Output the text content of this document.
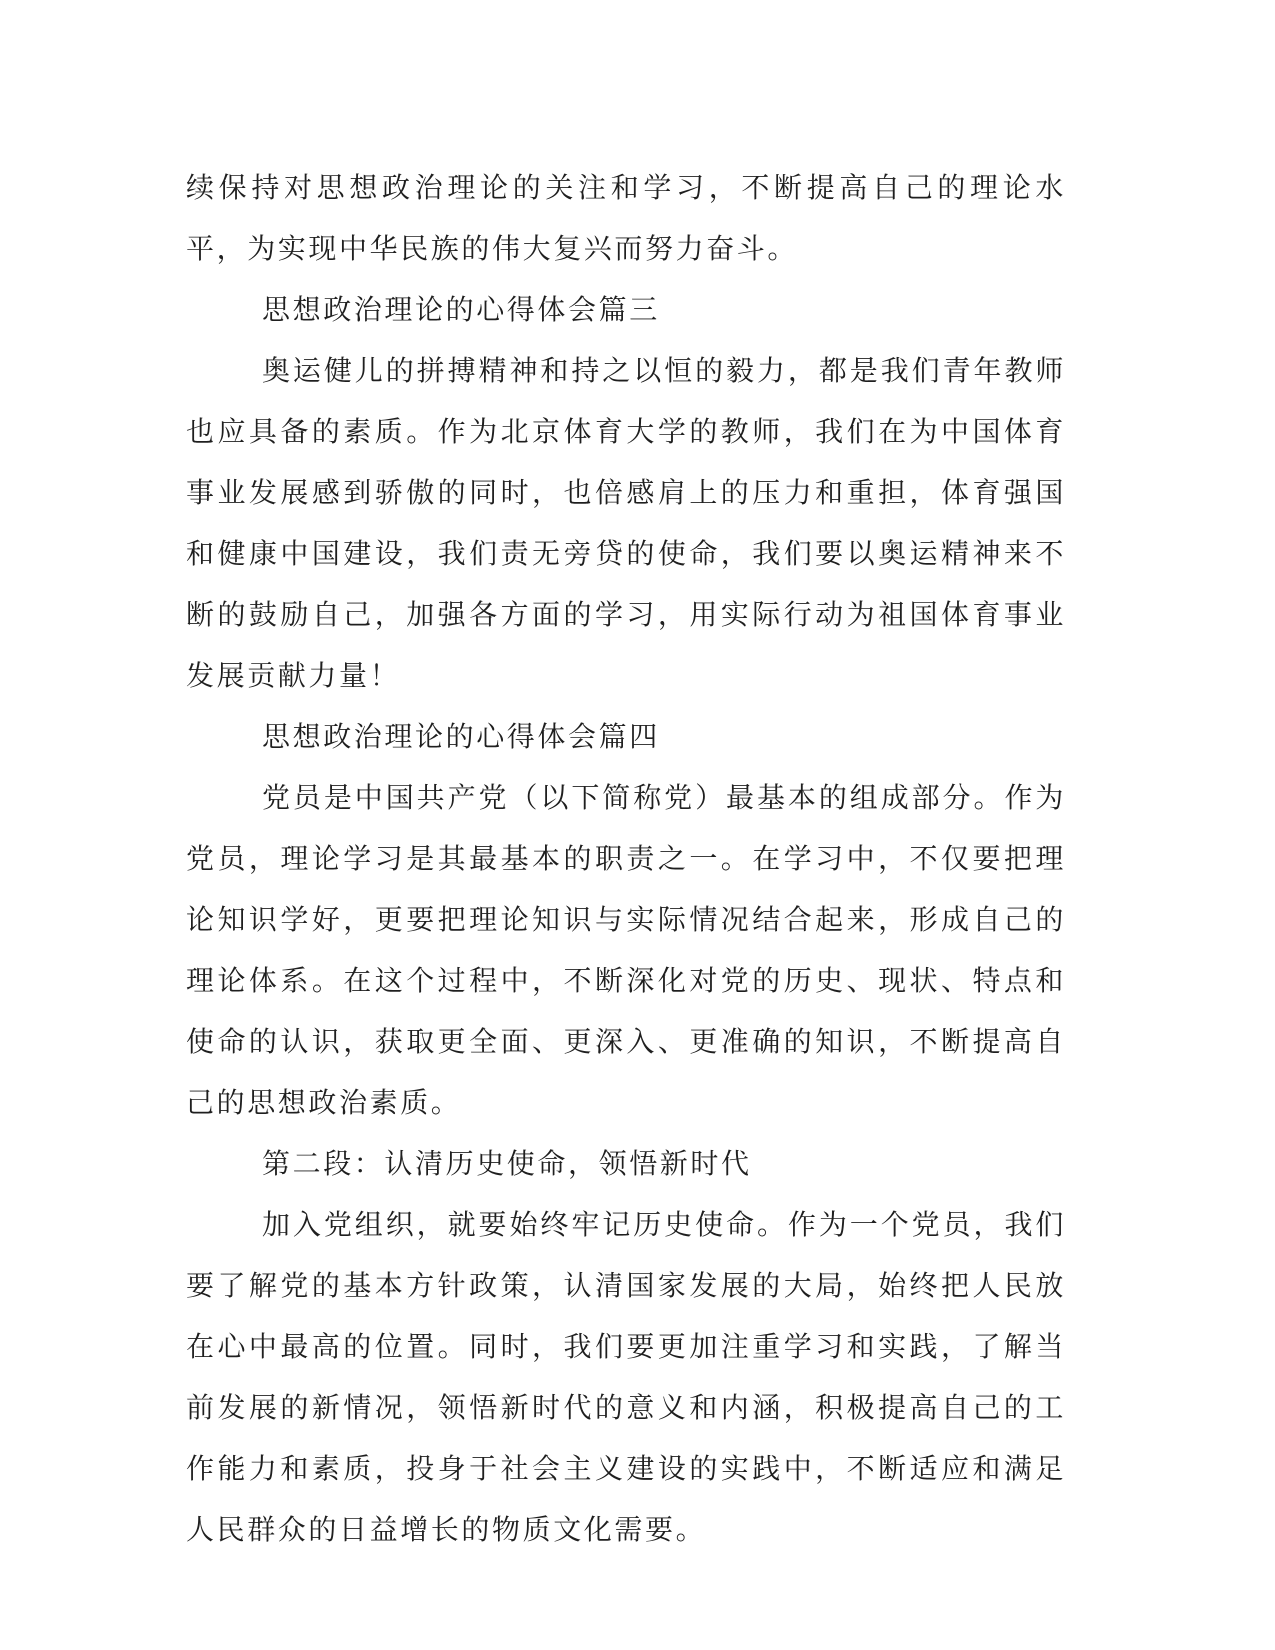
续保持对思想政治理论的关注和学习，不断提高自己的理论水平，为实现中华民族的伟大复兴而努力奋斗。

思想政治理论的心得体会篇三

奥运健儿的拼搏精神和持之以恒的毅力，都是我们青年教师也应具备的素质。作为北京体育大学的教师，我们在为中国体育事业发展感到骄傲的同时，也倍感肩上的压力和重担，体育强国和健康中国建设，我们责无旁贷的使命，我们要以奥运精神来不断的鼓励自己，加强各方面的学习，用实际行动为祖国体育事业发展贡献力量！

思想政治理论的心得体会篇四

党员是中国共产党（以下简称党）最基本的组成部分。作为党员，理论学习是其最基本的职责之一。在学习中，不仅要把理论知识学好，更要把理论知识与实际情况结合起来，形成自己的理论体系。在这个过程中，不断深化对党的历史、现状、特点和使命的认识，获取更全面、更深入、更准确的知识，不断提高自己的思想政治素质。

第二段：认清历史使命，领悟新时代

加入党组织，就要始终牢记历史使命。作为一个党员，我们要了解党的基本方针政策，认清国家发展的大局，始终把人民放在心中最高的位置。同时，我们要更加注重学习和实践，了解当前发展的新情况，领悟新时代的意义和内涵，积极提高自己的工作能力和素质，投身于社会主义建设的实践中，不断适应和满足人民群众的日益增长的物质文化需要。
